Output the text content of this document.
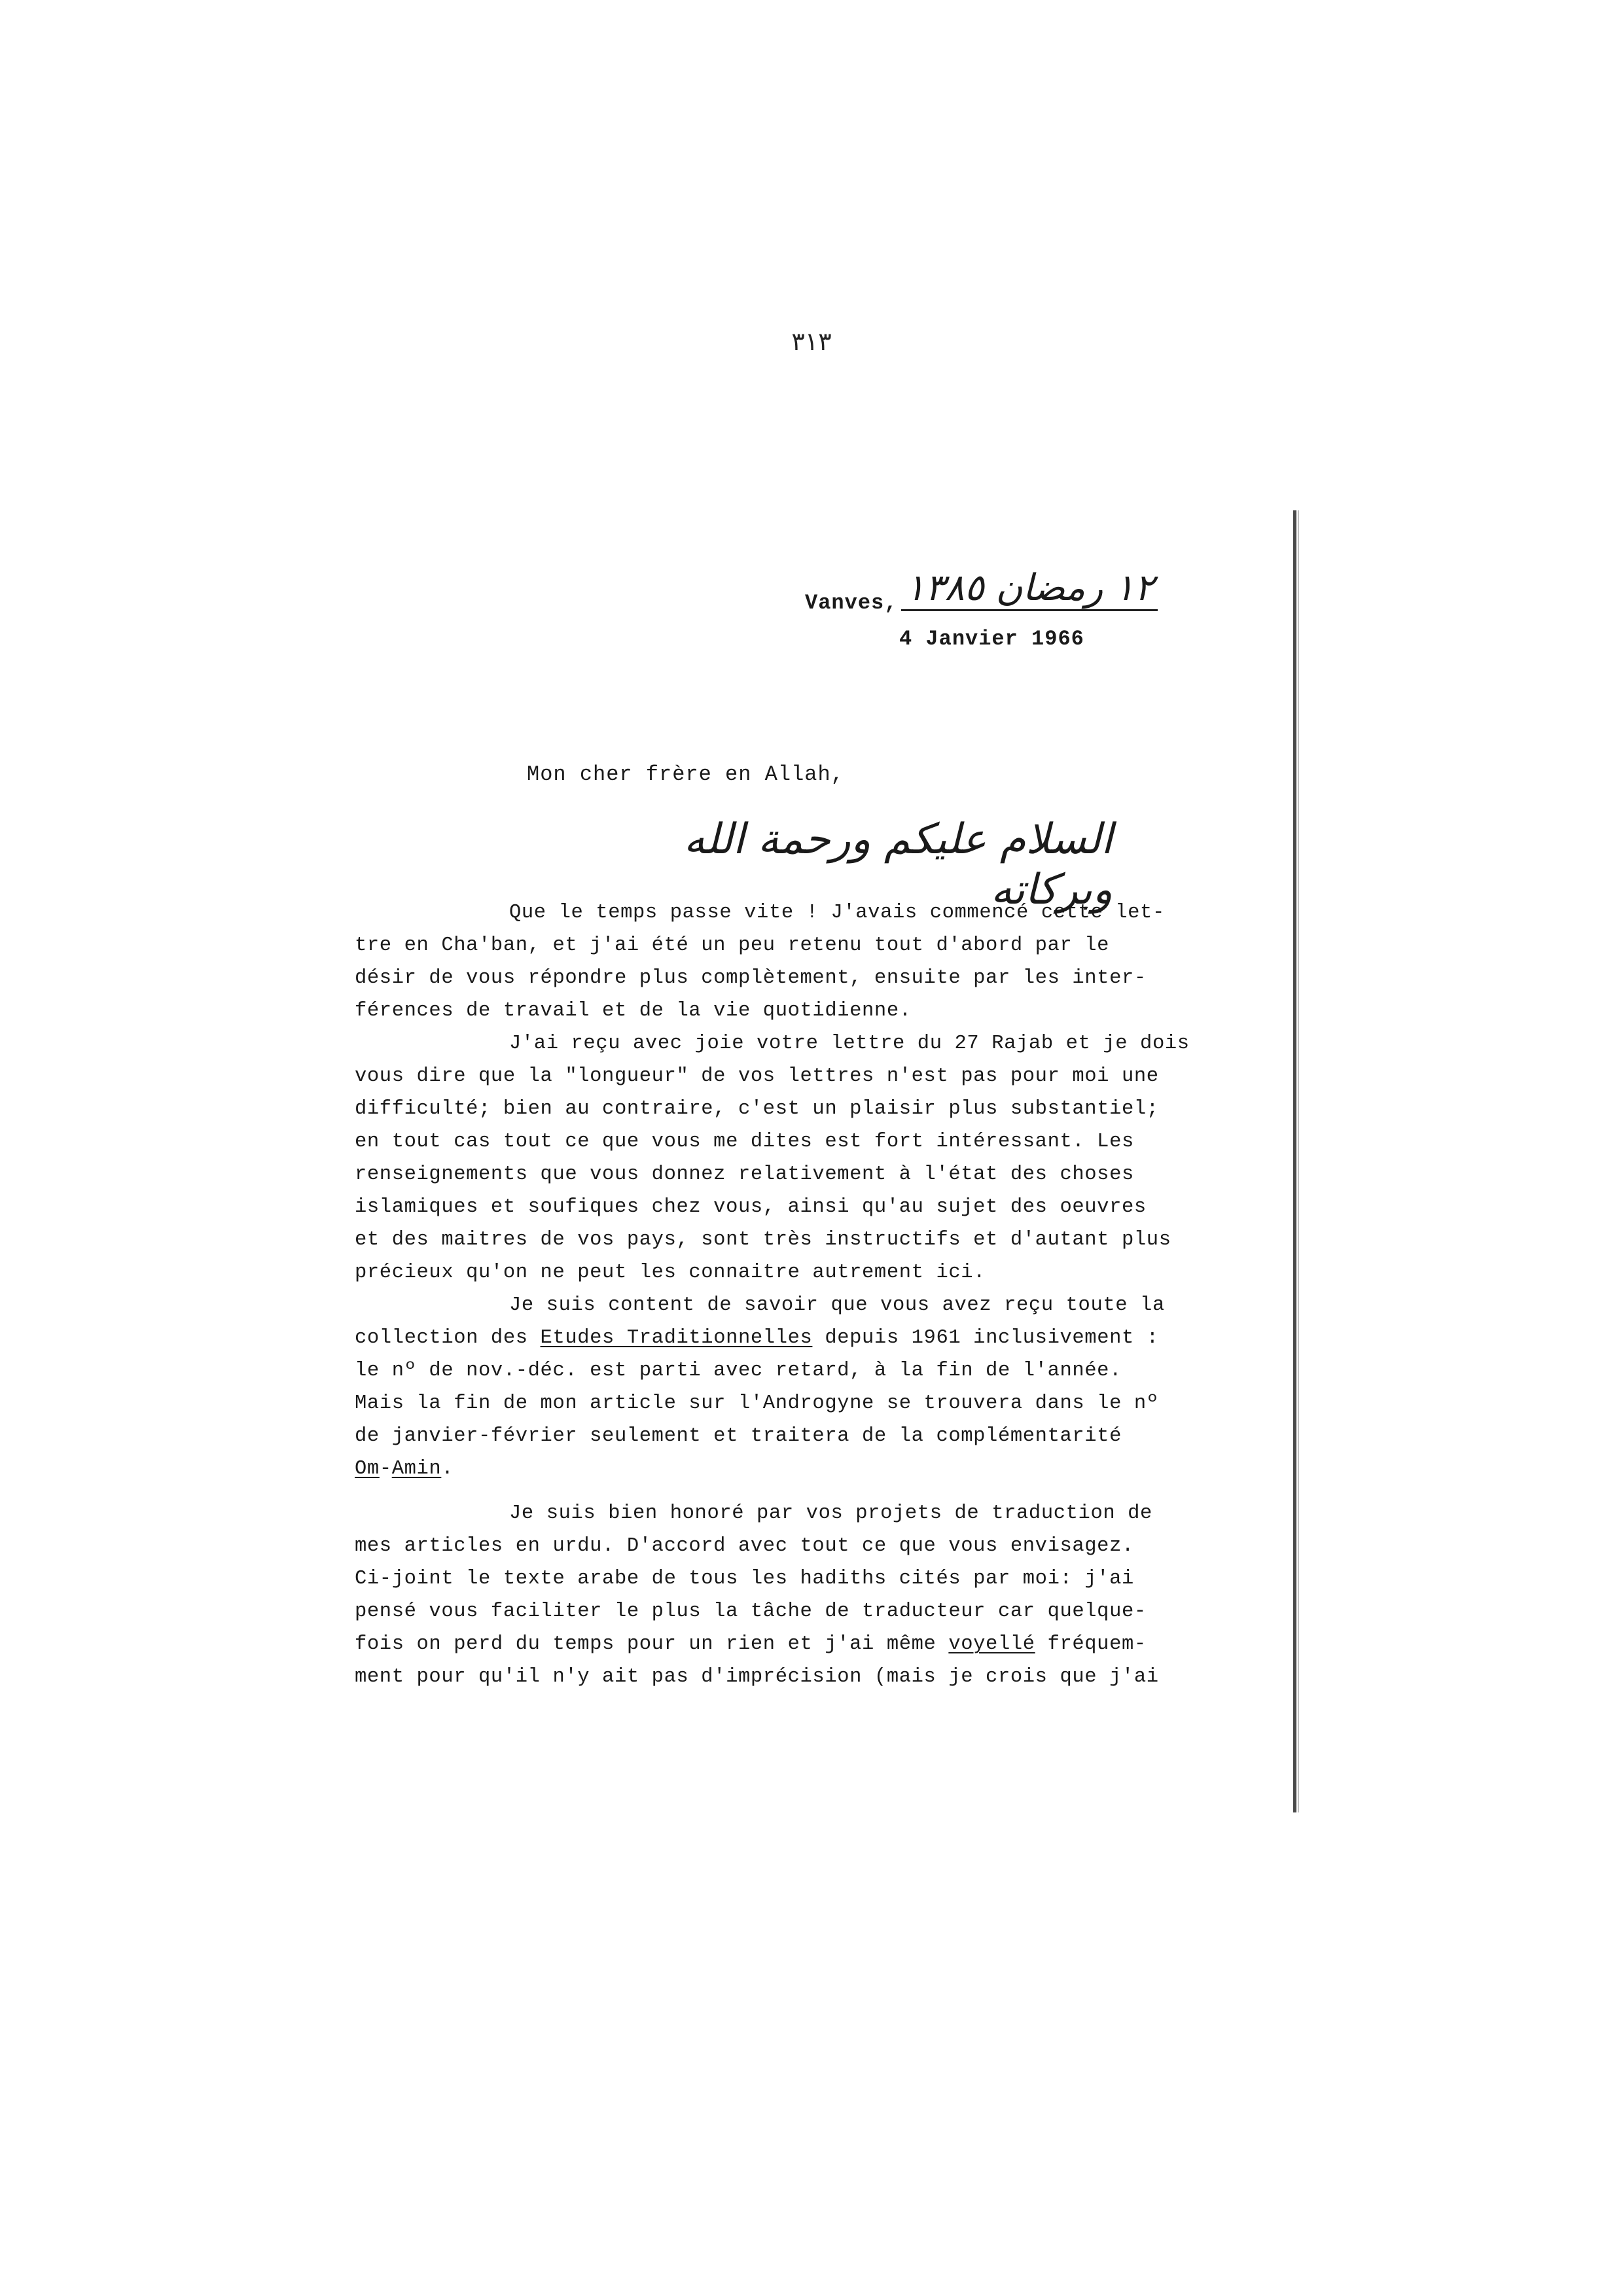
٣١٣
Vanves, ١٢ رمضان ١٣٨٥
4 Janvier 1966
Mon cher frère en Allah,
السلام عليكم ورحمة الله وبركاته
Que le temps passe vite ! J'avais commencé cette let-
tre en Cha'ban, et j'ai été un peu retenu tout d'abord par le
désir de vous répondre plus complètement, ensuite par les inter-
férences de travail et de la vie quotidienne.
J'ai reçu avec joie votre lettre du 27 Rajab et je dois
vous dire que la "longueur" de vos lettres n'est pas pour moi une
difficulté; bien au contraire, c'est un plaisir plus substantiel;
en tout cas tout ce que vous me dites est fort intéressant. Les
renseignements que vous donnez relativement à l'état des choses
islamiques et soufiques chez vous, ainsi qu'au sujet des oeuvres
et des maitres de vos pays, sont très instructifs et d'autant plus
précieux qu'on ne peut les connaitre autrement ici.
Je suis content de savoir que vous avez reçu toute la
collection des Etudes Traditionnelles depuis 1961 inclusivement :
le nº de nov.-déc. est parti avec retard, à la fin de l'année.
Mais la fin de mon article sur l'Androgyne se trouvera dans le nº
de janvier-février seulement et traitera de la complémentarité
Om-Amin.
Je suis bien honoré par vos projets de traduction de
mes articles en urdu. D'accord avec tout ce que vous envisagez.
Ci-joint le texte arabe de tous les hadiths cités par moi: j'ai
pensé vous faciliter le plus la tâche de traducteur car quelque-
fois on perd du temps pour un rien et j'ai même voyellé fréquem-
ment pour qu'il n'y ait pas d'imprécision (mais je crois que j'ai
